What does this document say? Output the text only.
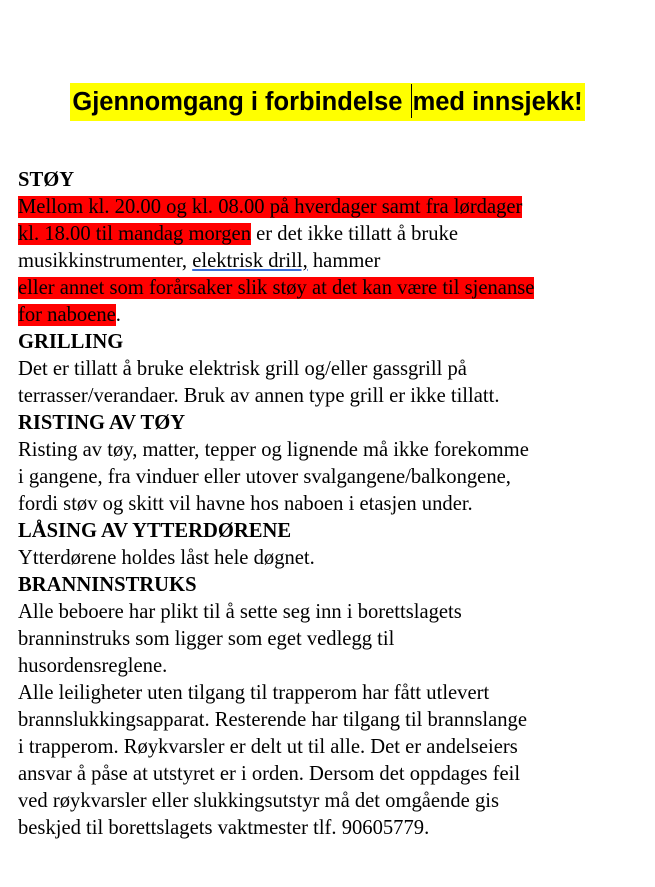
Gjennomgang i forbindelse med innsjekk!

STØY

Mellom kl. 20.00 og kl. 08.00 på hverdager samt fra lørdager

kl. 18.00 til mandag morgen er det ikke tillatt å bruke

musikkinstrumenter, elektrisk drill, hammer

eller annet som forårsaker slik støy at det kan være til sjenanse

for naboene.

GRILLING

Det er tillatt å bruke elektrisk grill og/eller gassgrill på

terrasser/verandaer. Bruk av annen type grill er ikke tillatt.

RISTING AV TØY

Risting av tøy, matter, tepper og lignende må ikke forekomme

i gangene, fra vinduer eller utover svalgangene/balkongene,

fordi støv og skitt vil havne hos naboen i etasjen under.

LÅSING AV YTTERDØRENE

Ytterdørene holdes låst hele døgnet.

BRANNINSTRUKS

Alle beboere har plikt til å sette seg inn i borettslagets

branninstruks som ligger som eget vedlegg til

husordensreglene.

Alle leiligheter uten tilgang til trapperom har fått utlevert

brannslukkingsapparat. Resterende har tilgang til brannslange

i trapperom. Røykvarsler er delt ut til alle. Det er andelseiers

ansvar å påse at utstyret er i orden. Dersom det oppdages feil

ved røykvarsler eller slukkingsutstyr må det omgående gis

beskjed til borettslagets vaktmester tlf. 90605779.
